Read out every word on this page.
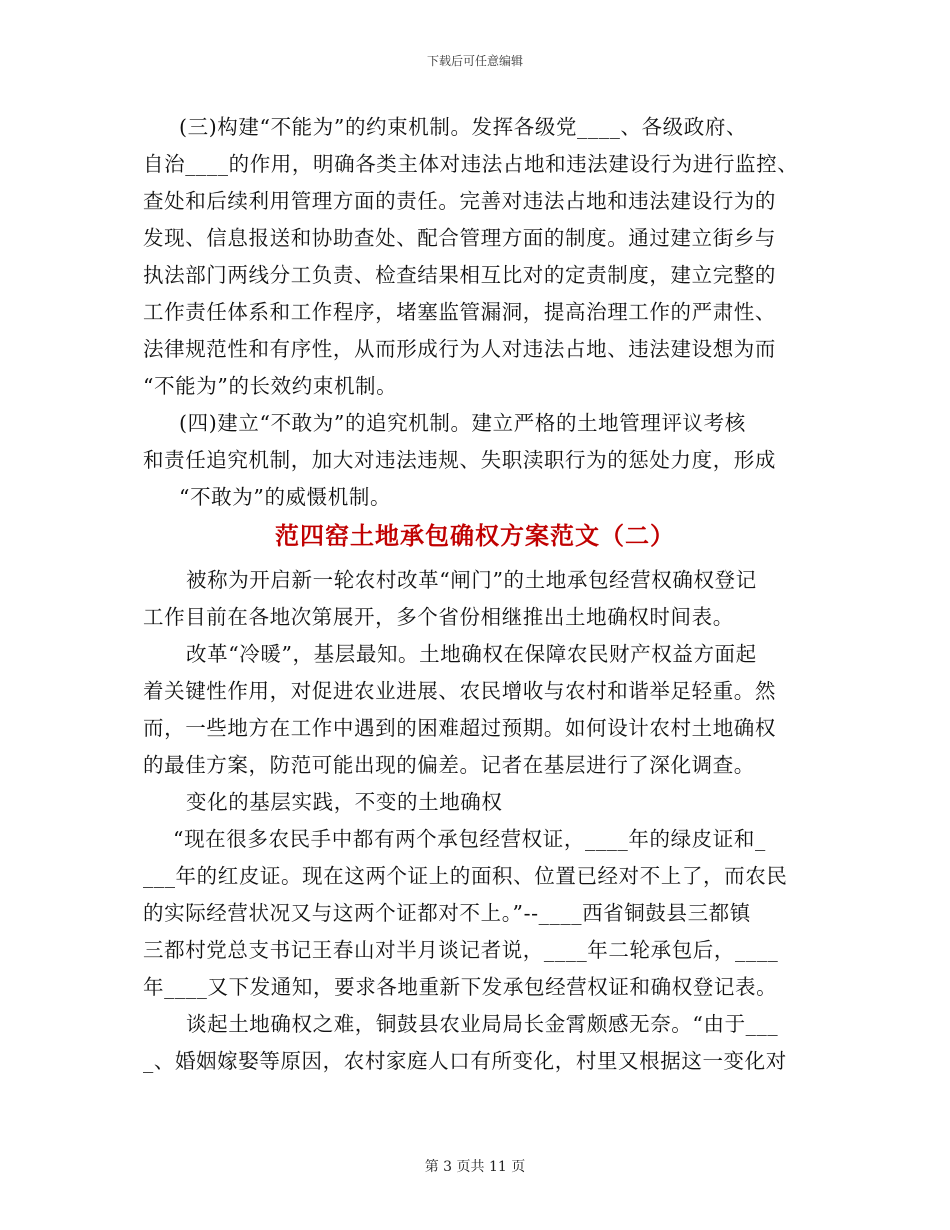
下载后可任意编辑
(三)构建“不能为”的约束机制。发挥各级党____、各级政府、
自治____的作用，明确各类主体对违法占地和违法建设行为进行监控、
查处和后续利用管理方面的责任。完善对违法占地和违法建设行为的
发现、信息报送和协助查处、配合管理方面的制度。通过建立街乡与
执法部门两线分工负责、检查结果相互比对的定责制度，建立完整的
工作责任体系和工作程序，堵塞监管漏洞，提高治理工作的严肃性、
法律规范性和有序性，从而形成行为人对违法占地、违法建设想为而
“不能为”的长效约束机制。
(四)建立“不敢为”的追究机制。建立严格的土地管理评议考核
和责任追究机制，加大对违法违规、失职渎职行为的惩处力度，形成
“不敢为”的威慑机制。
范四窑土地承包确权方案范文（二）
被称为开启新一轮农村改革“闸门”的土地承包经营权确权登记
工作目前在各地次第展开，多个省份相继推出土地确权时间表。
改革“冷暖”，基层最知。土地确权在保障农民财产权益方面起
着关键性作用，对促进农业进展、农民增收与农村和谐举足轻重。然
而，一些地方在工作中遇到的困难超过预期。如何设计农村土地确权
的最佳方案，防范可能出现的偏差。记者在基层进行了深化调查。
变化的基层实践，不变的土地确权
“现在很多农民手中都有两个承包经营权证，____年的绿皮证和_
___年的红皮证。现在这两个证上的面积、位置已经对不上了，而农民
的实际经营状况又与这两个证都对不上。”--____西省铜鼓县三都镇
三都村党总支书记王春山对半月谈记者说，____年二轮承包后，____
年____又下发通知，要求各地重新下发承包经营权证和确权登记表。
谈起土地确权之难，铜鼓县农业局局长金霄颇感无奈。“由于___
_、婚姻嫁娶等原因，农村家庭人口有所变化，村里又根据这一变化对
第 3 页共 11 页
